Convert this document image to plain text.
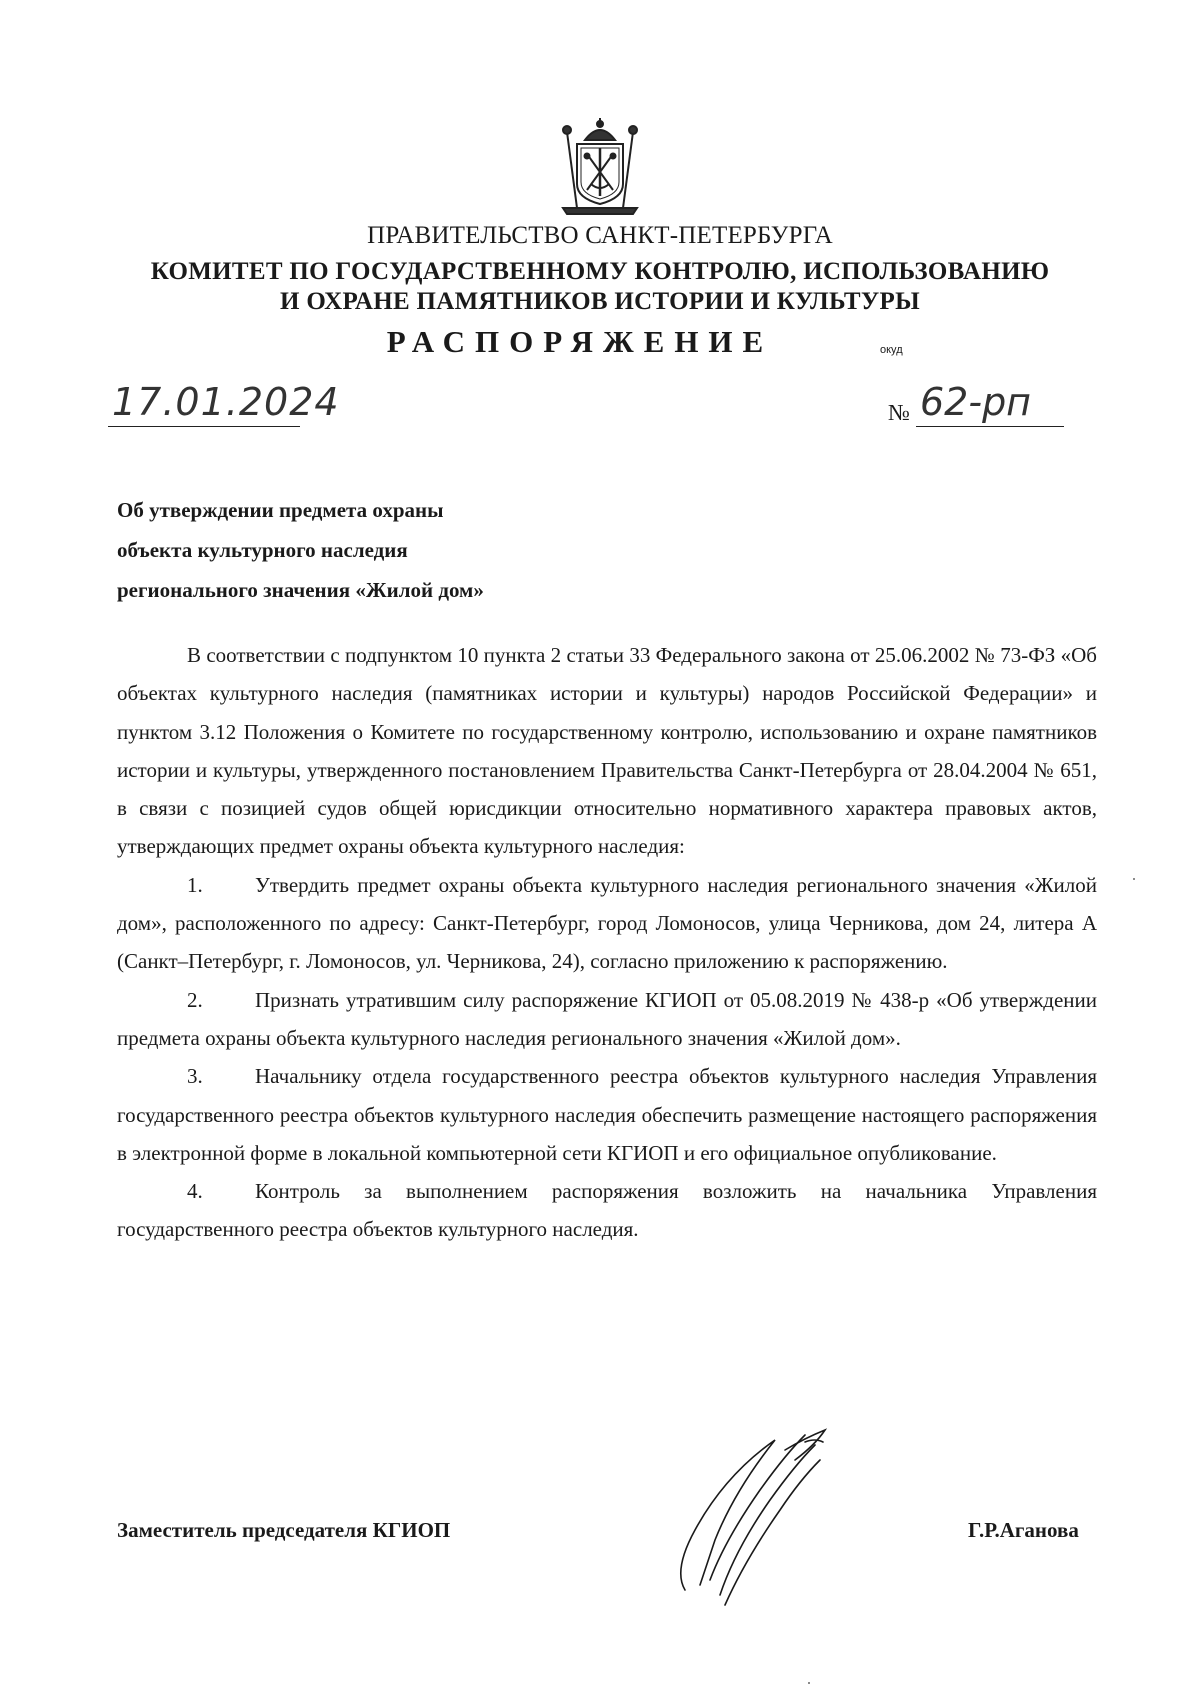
ПРАВИТЕЛЬСТВО САНКТ-ПЕТЕРБУРГА
КОМИТЕТ ПО ГОСУДАРСТВЕННОМУ КОНТРОЛЮ, ИСПОЛЬЗОВАНИЮ
И ОХРАНЕ ПАМЯТНИКОВ ИСТОРИИ И КУЛЬТУРЫ
РАСПОРЯЖЕНИЕ	окуд
17.01.2024	№ 62-рп
Об утверждении предмета охраны
объекта культурного наследия
регионального значения «Жилой дом»

В соответствии с подпунктом 10 пункта 2 статьи 33 Федерального закона от 25.06.2002 № 73-ФЗ «Об объектах культурного наследия (памятниках истории и культуры) народов Российской Федерации» и пунктом 3.12 Положения о Комитете по государственному контролю, использованию и охране памятников истории и культуры, утвержденного постановлением Правительства Санкт-Петербурга от 28.04.2004 № 651, в связи с позицией судов общей юрисдикции относительно нормативного характера правовых актов, утверждающих предмет охраны объекта культурного наследия:

1. Утвердить предмет охраны объекта культурного наследия регионального значения «Жилой дом», расположенного по адресу: Санкт-Петербург, город Ломоносов, улица Черникова, дом 24, литера А (Санкт–Петербург, г. Ломоносов, ул. Черникова, 24), согласно приложению к распоряжению.

2. Признать утратившим силу распоряжение КГИОП от 05.08.2019 № 438-р «Об утверждении предмета охраны объекта культурного наследия регионального значения «Жилой дом».

3. Начальнику отдела государственного реестра объектов культурного наследия Управления государственного реестра объектов культурного наследия обеспечить размещение настоящего распоряжения в электронной форме в локальной компьютерной сети КГИОП и его официальное опубликование.

4. Контроль за выполнением распоряжения возложить на начальника Управления государственного реестра объектов культурного наследия.

Заместитель председателя КГИОП	Г.Р.Аганова
